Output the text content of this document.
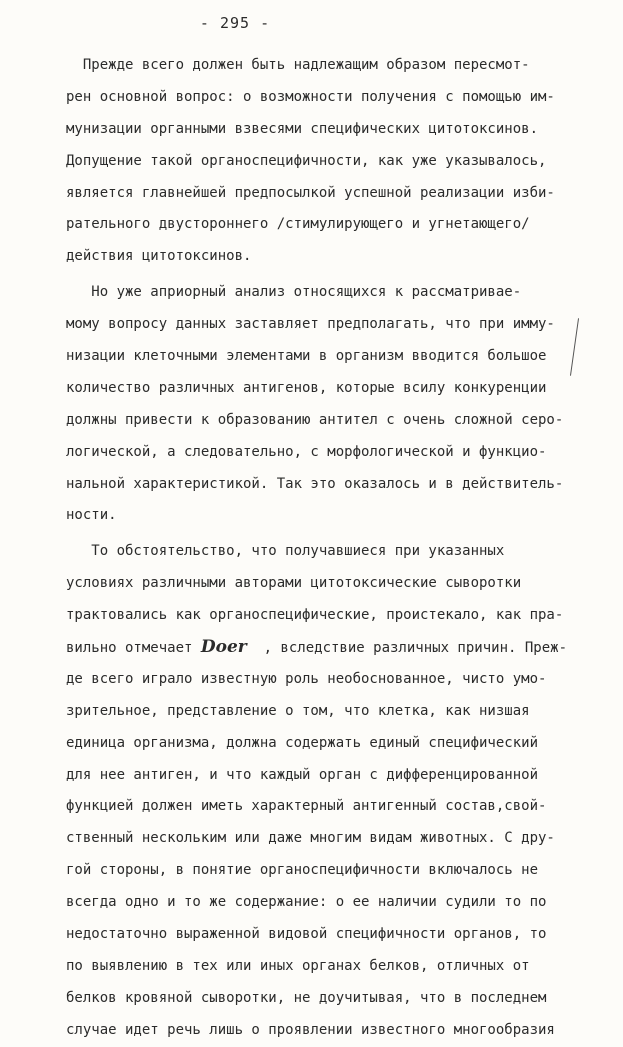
- 295 -
Прежде всего должен быть надлежащим образом пересмот-
рен основной вопрос: о возможности получения с помощью им-
мунизации органными взвесями специфических цитотоксинов.
Допущение такой органоспецифичности, как уже указывалось,
является главнейшей предпосылкой успешной реализации изби-
рательного двустороннего /стимулирующего и угнетающего/
действия цитотоксинов.
Но уже априорный анализ относящихся к рассматривае-
мому вопросу данных заставляет предполагать, что при имму-
низации клеточными элементами в организм вводится большое
количество различных антигенов, которые всилу конкуренции
должны привести к образованию антител с очень сложной серо-
логической, а следовательно, с морфологической и функцио-
нальной характеристикой. Так это оказалось и в действитель-
ности.
То обстоятельство, что получавшиеся при указанных
условиях различными авторами цитотоксические сыворотки
трактовались как органоспецифические, проистекало, как пра-
вильно отмечает Doer  , вследствие различных причин. Преж-
де всего играло известную роль необоснованное, чисто умо-
зрительное, представление о том, что клетка, как низшая
единица организма, должна содержать единый специфический
для нее антиген, и что каждый орган с дифференцированной
функцией должен иметь характерный антигенный состав,свой-
ственный нескольким или даже многим видам животных. С дру-
гой стороны, в понятие органоспецифичности включалось не
всегда одно и то же содержание: о ее наличии судили то по
недостаточно выраженной видовой специфичности органов, то
по выявлению в тех или иных органах белков, отличных от
белков кровяной сыворотки, не доучитывая, что в последнем
случае идет речь лишь о проявлении известного многообразия
